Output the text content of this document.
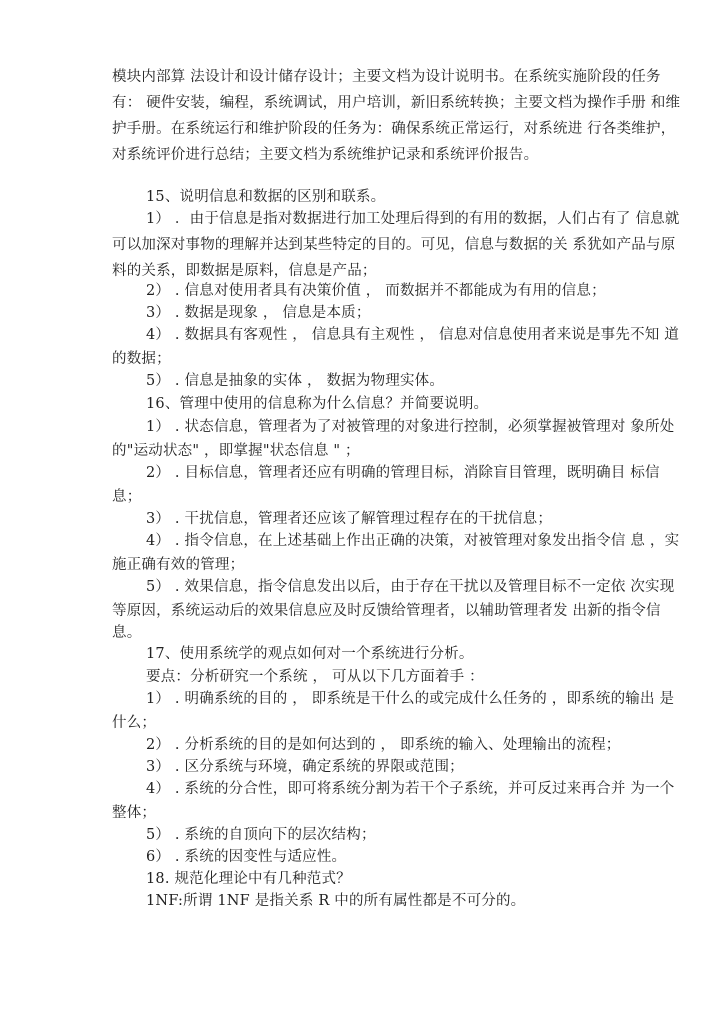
模块内部算 法设计和设计储存设计；主要文档为设计说明书。在系统实施阶段的任务
有： 硬件安装，编程，系统调试，用户培训，新旧系统转换；主要文档为操作手册 和维
护手册。在系统运行和维护阶段的任务为：确保系统正常运行，对系统进 行各类维护，
对系统评价进行总结；主要文档为系统维护记录和系统评价报告。
15、说明信息和数据的区别和联系。
1） ．由于信息是指对数据进行加工处理后得到的有用的数据，人们占有了 信息就
可以加深对事物的理解并达到某些特定的目的。可见，信息与数据的关 系犹如产品与原
料的关系，即数据是原料，信息是产品；
2） . 信息对使用者具有决策价值 ， 而数据并不都能成为有用的信息；
3） . 数据是现象 ， 信息是本质；
4） . 数据具有客观性 ， 信息具有主观性 ， 信息对信息使用者来说是事先不知 道
的数据；
5） . 信息是抽象的实体 ， 数据为物理实体。
16、管理中使用的信息称为什么信息？并简要说明。
1） . 状态信息，管理者为了对被管理的对象进行控制，必须掌握被管理对 象所处
的"运动状态" ，即掌握"状态信息 " ；
2） . 目标信息，管理者还应有明确的管理目标，消除盲目管理，既明确目 标信
息；
3） . 干扰信息，管理者还应该了解管理过程存在的干扰信息；
4） . 指令信息，在上述基础上作出正确的决策，对被管理对象发出指令信 息 ，实
施正确有效的管理；
5） . 效果信息，指令信息发出以后，由于存在干扰以及管理目标不一定依 次实现
等原因，系统运动后的效果信息应及时反馈给管理者，以辅助管理者发 出新的指令信
息。
17、使用系统学的观点如何对一个系统进行分析。
要点：分析研究一个系统 ， 可从以下几方面着手 ：
1） . 明确系统的目的 ， 即系统是干什么的或完成什么任务的 ，即系统的输出 是
什么；
2） . 分析系统的目的是如何达到的 ， 即系统的输入、处理输出的流程；
3） . 区分系统与环境，确定系统的界限或范围；
4） . 系统的分合性，即可将系统分割为若干个子系统，并可反过来再合并 为一个
整体；
5） . 系统的自顶向下的层次结构；
6） . 系统的因变性与适应性。
18. 规范化理论中有几种范式？
1NF:所谓 1NF 是指关系 R 中的所有属性都是不可分的。
